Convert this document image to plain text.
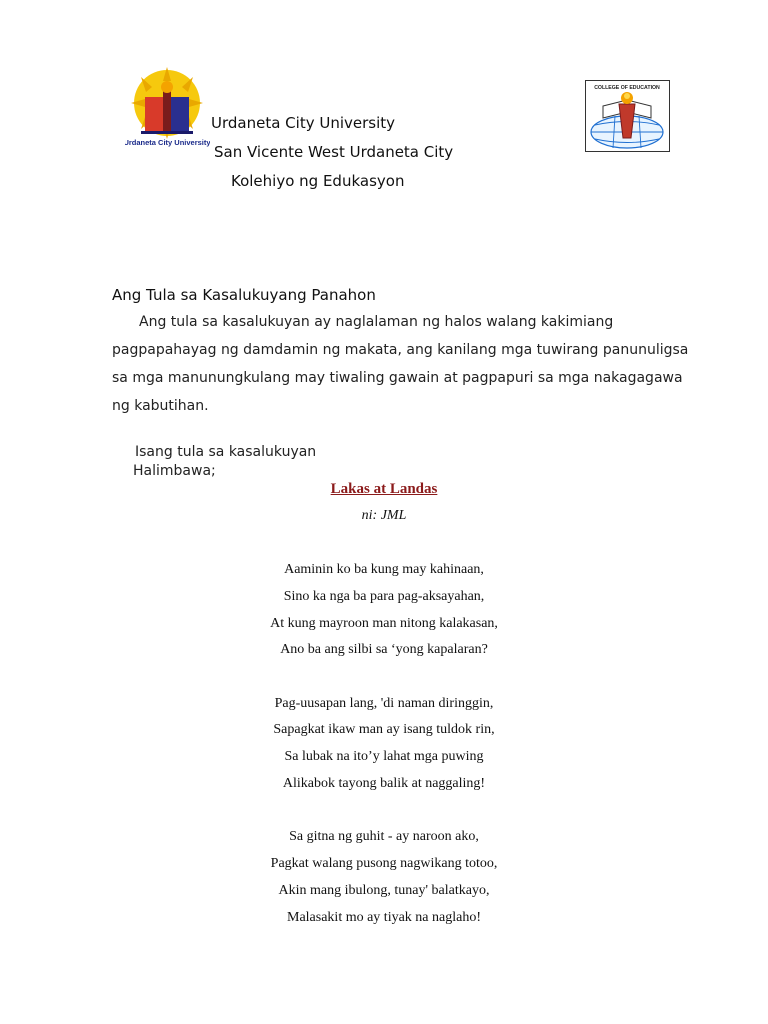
Urdaneta City University
Urdaneta City University
San Vicente West Urdaneta City
Kolehiyo ng Edukasyon
COLLEGE OF EDUCATION
Ang Tula sa Kasalukuyang Panahon
Ang tula sa kasalukuyan ay naglalaman ng halos walang kakimiang
pagpapahayag ng damdamin ng makata, ang kanilang mga tuwirang panunuligsa
sa mga manunungkulang may tiwaling gawain at pagpapuri sa mga nakagagawa
ng kabutihan.
Isang tula sa kasalukuyan
Halimbawa;
Lakas at Landas
ni: JML
Aaminin ko ba kung may kahinaan,
Sino ka nga ba para pag-aksayahan,
At kung mayroon man nitong kalakasan,
Ano ba ang silbi sa ‘yong kapalaran?
Pag-uusapan lang, 'di naman diringgin,
Sapagkat ikaw man ay isang tuldok rin,
Sa lubak na ito’y lahat mga puwing
Alikabok tayong balik at naggaling!
Sa gitna ng guhit - ay naroon ako,
Pagkat walang pusong nagwikang totoo,
Akin mang ibulong, tunay' balatkayo,
Malasakit mo ay tiyak na naglaho!
